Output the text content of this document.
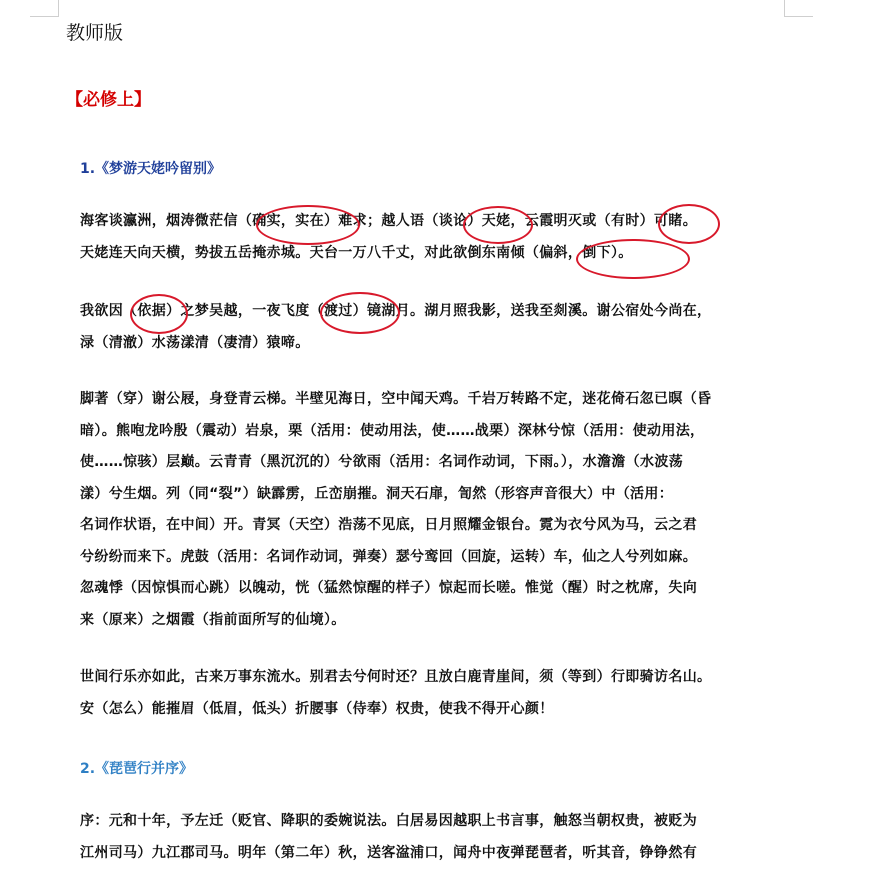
教师版
【必修上】
1.《梦游天姥吟留别》
海客谈瀛洲，烟涛微茫信（确实，实在）难求；越人语（谈论）天姥，云霞明灭或（有时）可睹。
天姥连天向天横，势拔五岳掩赤城。天台一万八千丈，对此欲倒东南倾（偏斜，倒下）。
我欲因（依据）之梦吴越，一夜飞度（渡过）镜湖月。湖月照我影，送我至剡溪。谢公宿处今尚在，
渌（清澈）水荡漾清（凄清）猿啼。
脚著（穿）谢公屐，身登青云梯。半壁见海日，空中闻天鸡。千岩万转路不定，迷花倚石忽已暝（昏
暗）。熊咆龙吟殷（震动）岩泉，栗（活用：使动用法，使……战栗）深林兮惊（活用：使动用法，
使……惊骇）层巅。云青青（黑沉沉的）兮欲雨（活用：名词作动词，下雨。），水澹澹（水波荡
漾）兮生烟。列（同“裂”）缺霹雳，丘峦崩摧。洞天石扉，訇然（形容声音很大）中（活用：
名词作状语，在中间）开。青冥（天空）浩荡不见底，日月照耀金银台。霓为衣兮风为马，云之君
兮纷纷而来下。虎鼓（活用：名词作动词，弹奏）瑟兮鸾回（回旋，运转）车，仙之人兮列如麻。
忽魂悸（因惊惧而心跳）以魄动，恍（猛然惊醒的样子）惊起而长嗟。惟觉（醒）时之枕席，失向
来（原来）之烟霞（指前面所写的仙境）。
世间行乐亦如此，古来万事东流水。别君去兮何时还？且放白鹿青崖间，须（等到）行即骑访名山。
安（怎么）能摧眉（低眉，低头）折腰事（侍奉）权贵，使我不得开心颜！
2.《琵琶行并序》
序：元和十年，予左迁（贬官、降职的委婉说法。白居易因越职上书言事，触怒当朝权贵，被贬为
江州司马）九江郡司马。明年（第二年）秋，送客湓浦口，闻舟中夜弹琵琶者，听其音，铮铮然有
